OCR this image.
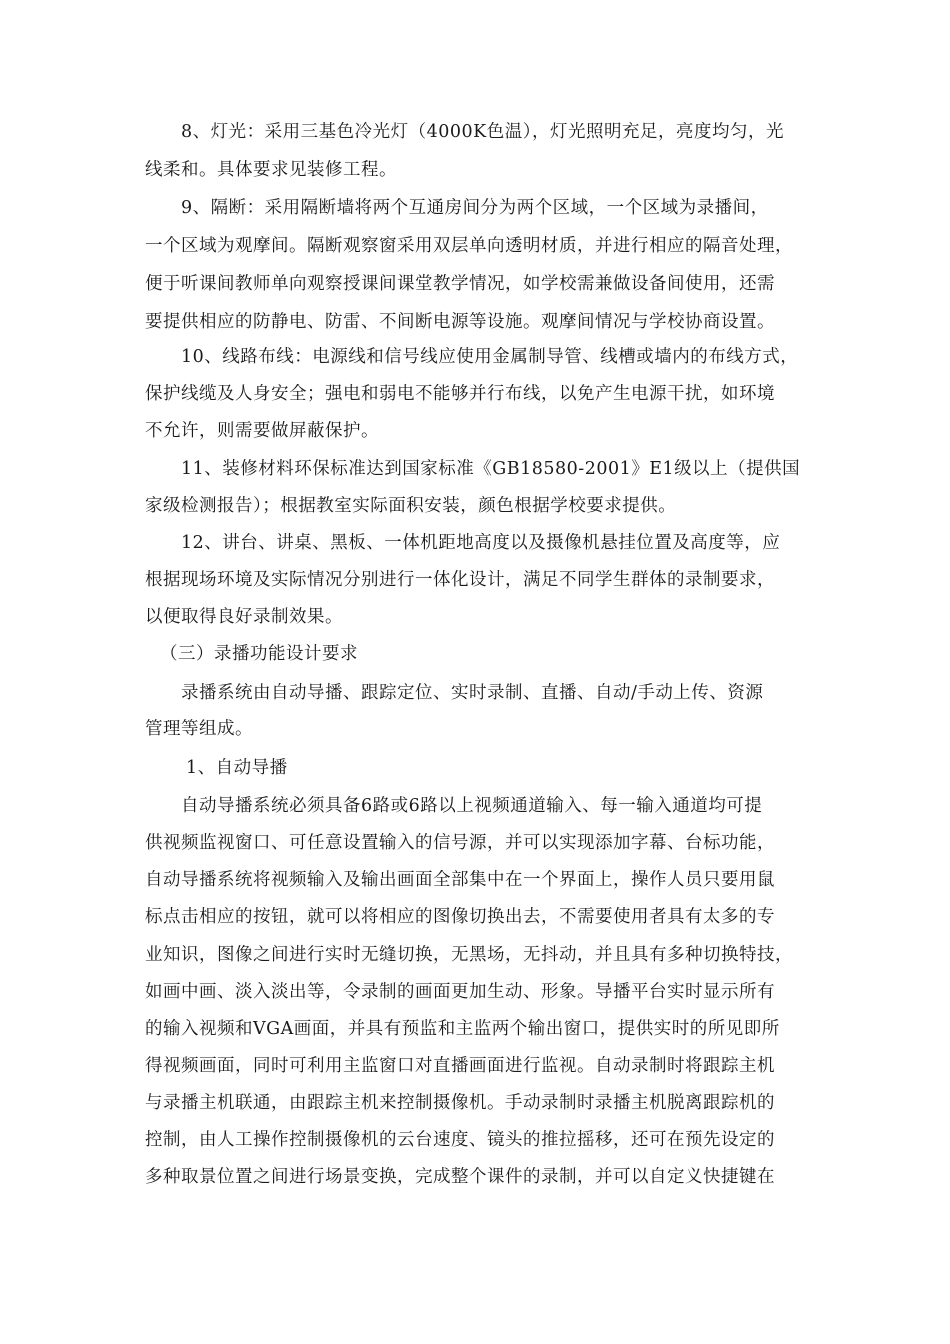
8、灯光：采用三基色冷光灯（4000K色温），灯光照明充足，亮度均匀，光
线柔和。具体要求见装修工程。
9、隔断：采用隔断墙将两个互通房间分为两个区域，一个区域为录播间，
一个区域为观摩间。隔断观察窗采用双层单向透明材质，并进行相应的隔音处理，
便于听课间教师单向观察授课间课堂教学情况，如学校需兼做设备间使用，还需
要提供相应的防静电、防雷、不间断电源等设施。观摩间情况与学校协商设置。
10、线路布线：电源线和信号线应使用金属制导管、线槽或墙内的布线方式，
保护线缆及人身安全；强电和弱电不能够并行布线，以免产生电源干扰，如环境
不允许，则需要做屏蔽保护。
11、装修材料环保标准达到国家标准《GB18580-2001》E1级以上（提供国
家级检测报告）；根据教室实际面积安装，颜色根据学校要求提供。
12、讲台、讲桌、黑板、一体机距地高度以及摄像机悬挂位置及高度等，应
根据现场环境及实际情况分别进行一体化设计，满足不同学生群体的录制要求，
以便取得良好录制效果。
（三）录播功能设计要求
录播系统由自动导播、跟踪定位、实时录制、直播、自动/手动上传、资源
管理等组成。
1、自动导播
自动导播系统必须具备6路或6路以上视频通道输入、每一输入通道均可提
供视频监视窗口、可任意设置输入的信号源，并可以实现添加字幕、台标功能，
自动导播系统将视频输入及输出画面全部集中在一个界面上，操作人员只要用鼠
标点击相应的按钮，就可以将相应的图像切换出去，不需要使用者具有太多的专
业知识，图像之间进行实时无缝切换，无黑场，无抖动，并且具有多种切换特技，
如画中画、淡入淡出等，令录制的画面更加生动、形象。导播平台实时显示所有
的输入视频和VGA画面，并具有预监和主监两个输出窗口，提供实时的所见即所
得视频画面，同时可利用主监窗口对直播画面进行监视。自动录制时将跟踪主机
与录播主机联通，由跟踪主机来控制摄像机。手动录制时录播主机脱离跟踪机的
控制，由人工操作控制摄像机的云台速度、镜头的推拉摇移，还可在预先设定的
多种取景位置之间进行场景变换，完成整个课件的录制，并可以自定义快捷键在
